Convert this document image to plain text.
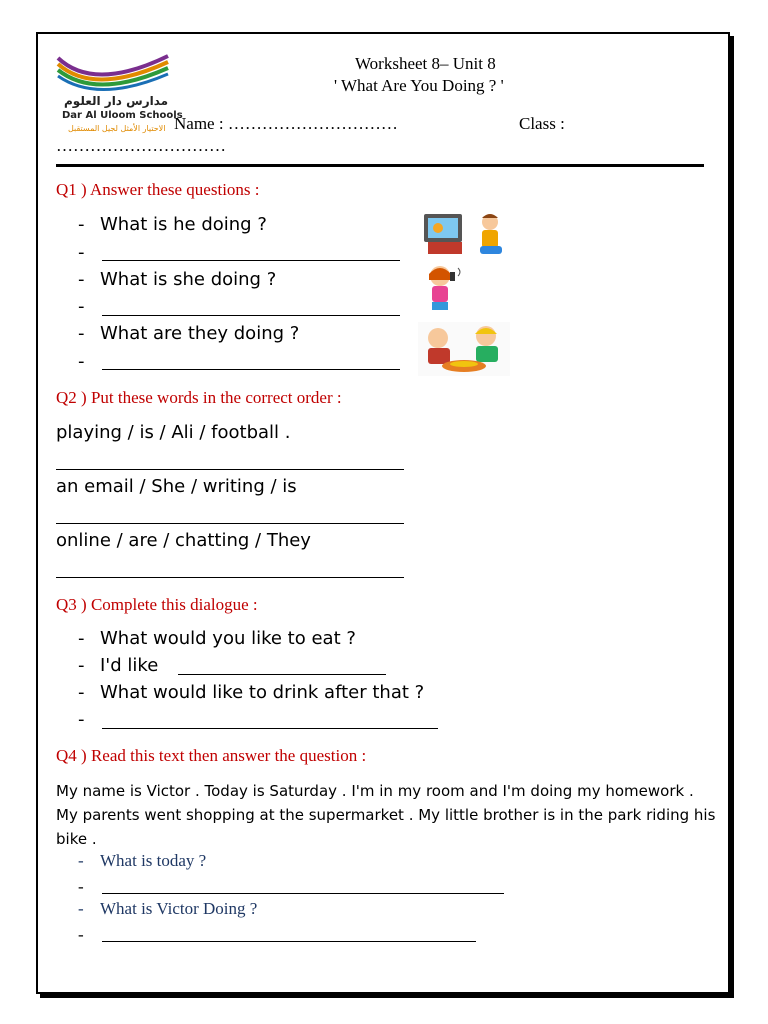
مدارس دار العلوم
Dar Al Uloom Schools
الاحتيار الأمثل لجيل المستقبل
Worksheet 8– Unit 8
' What Are You Doing ? '
Name : …………………………	Class :
…………………………
Q1 ) Answer these questions :
- What is he doing ?
-
- What is she doing ?
-
- What are they doing ?
-
Q2 ) Put these words in the correct order :
playing / is / Ali / football .
an email / She / writing / is
online / are / chatting / They
Q3 ) Complete this dialogue :
- What would you like to eat ?
- I'd like
- What would like to drink after that ?
-
Q4 ) Read this text then answer the question :
My name is Victor . Today is Saturday . I'm in my room and I'm doing my homework . My parents went shopping at the supermarket . My little brother is in the park riding his bike .
- What is today ?
-
- What is Victor Doing ?
-
